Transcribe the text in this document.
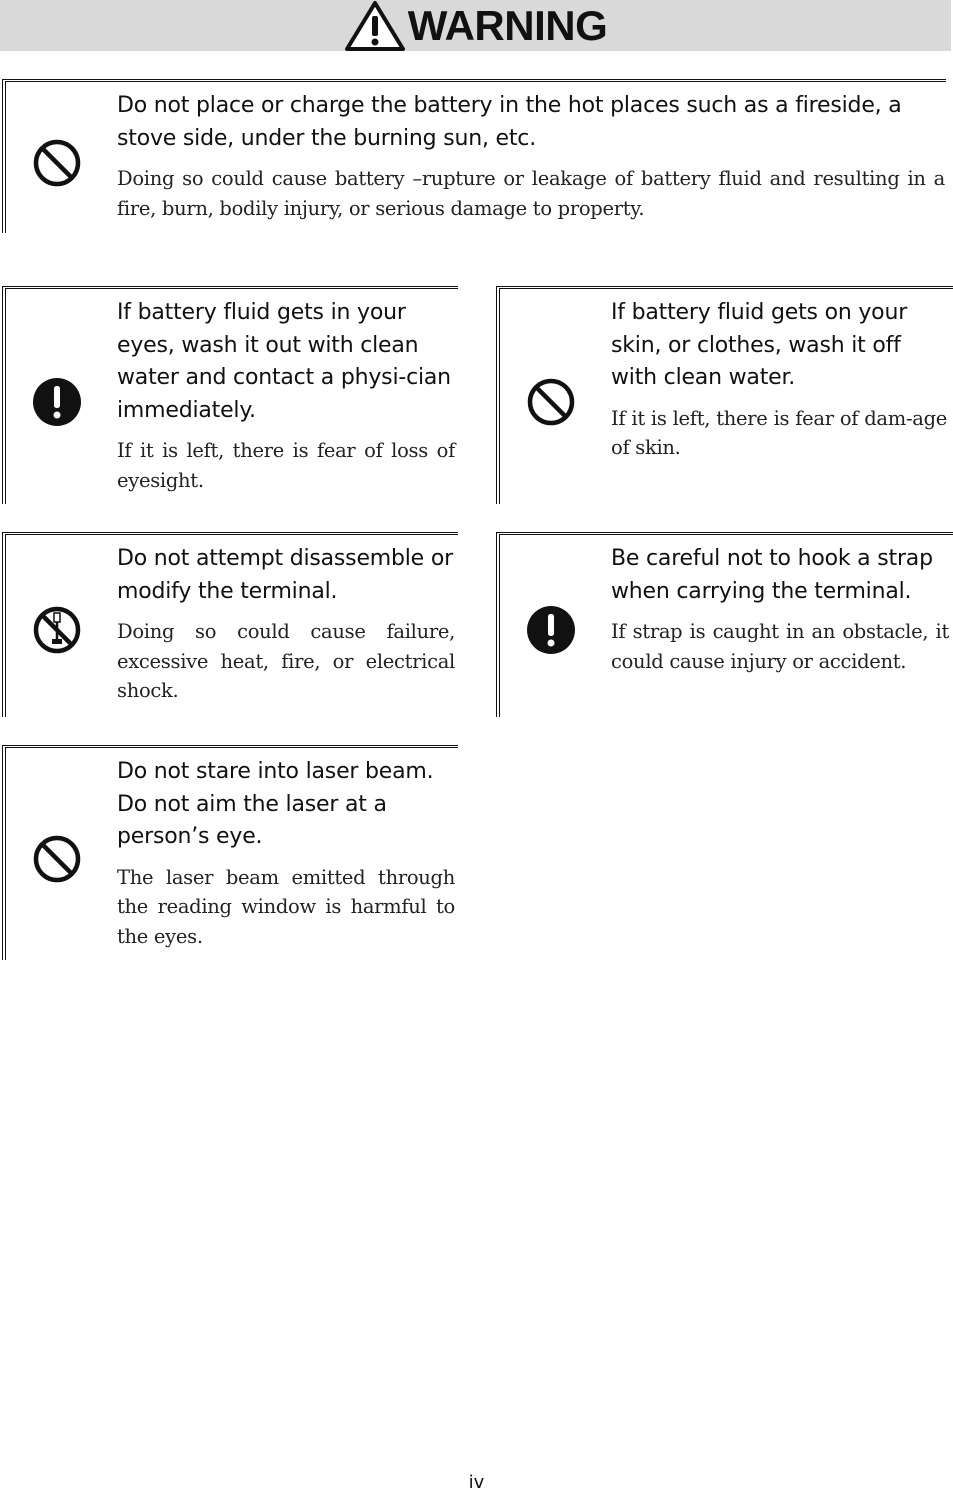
WARNING

Do not place or charge the battery in the hot places such as a fireside, a stove side, under the burning sun, etc.

Doing so could cause battery –rupture or leakage of battery fluid and resulting in a fire, burn, bodily injury, or serious damage to property.

If battery fluid gets in your eyes, wash it out with clean water and contact a physi-cian immediately.

If it is left, there is fear of loss of eyesight.

If battery fluid gets on your skin, or clothes, wash it off with clean water.

If it is left, there is fear of dam-age of skin.

Do not attempt disassemble or modify the terminal.

Doing so could cause failure, excessive heat, fire, or electrical shock.

Be careful not to hook a strap when carrying the terminal.

If strap is caught in an obstacle, it could cause injury or accident.

Do not stare into laser beam. Do not aim the laser at a person’s eye.

The laser beam emitted through the reading window is harmful to the eyes.

iv
